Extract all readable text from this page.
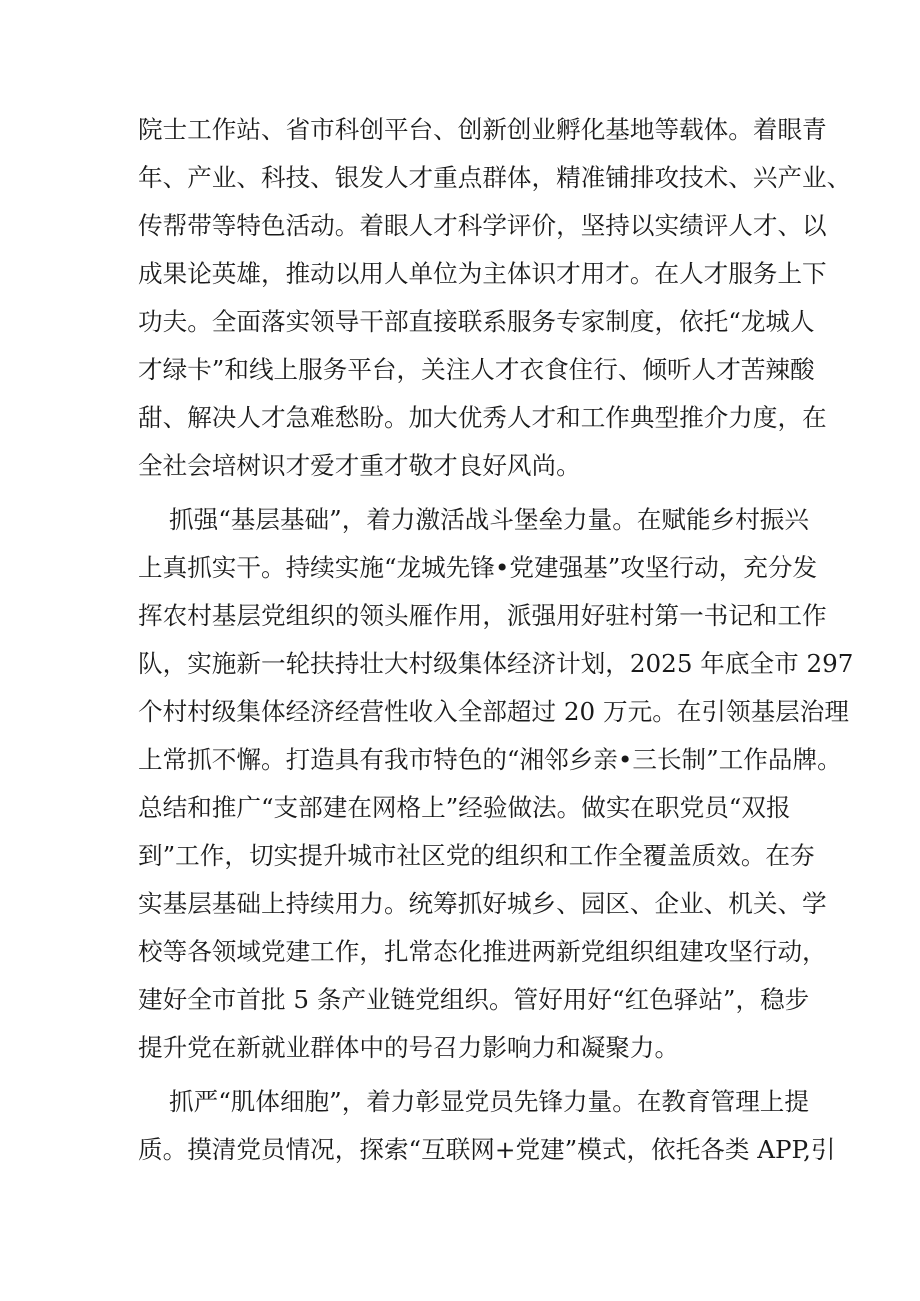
院士工作站、省市科创平台、创新创业孵化基地等载体。着眼青

年、产业、科技、银发人才重点群体，精准铺排攻技术、兴产业、

传帮带等特色活动。着眼人才科学评价，坚持以实绩评人才、以

成果论英雄，推动以用人单位为主体识才用才。在人才服务上下

功夫。全面落实领导干部直接联系服务专家制度，依托“龙城人

才绿卡”和线上服务平台，关注人才衣食住行、倾听人才苦辣酸

甜、解决人才急难愁盼。加大优秀人才和工作典型推介力度，在

全社会培树识才爱才重才敬才良好风尚。

抓强“基层基础”，着力激活战斗堡垒力量。在赋能乡村振兴

上真抓实干。持续实施“龙城先锋•党建强基”攻坚行动，充分发

挥农村基层党组织的领头雁作用，派强用好驻村第一书记和工作

队，实施新一轮扶持壮大村级集体经济计划，2025 年底全市 297

个村村级集体经济经营性收入全部超过 20 万元。在引领基层治理

上常抓不懈。打造具有我市特色的“湘邻乡亲•三长制”工作品牌。

总结和推广“支部建在网格上”经验做法。做实在职党员“双报

到”工作，切实提升城市社区党的组织和工作全覆盖质效。在夯

实基层基础上持续用力。统筹抓好城乡、园区、企业、机关、学

校等各领域党建工作，扎常态化推进两新党组织组建攻坚行动，

建好全市首批 5 条产业链党组织。管好用好“红色驿站”，稳步

提升党在新就业群体中的号召力影响力和凝聚力。

抓严“肌体细胞”，着力彰显党员先锋力量。在教育管理上提

质。摸清党员情况，探索“互联网+党建”模式，依托各类 APP,引
